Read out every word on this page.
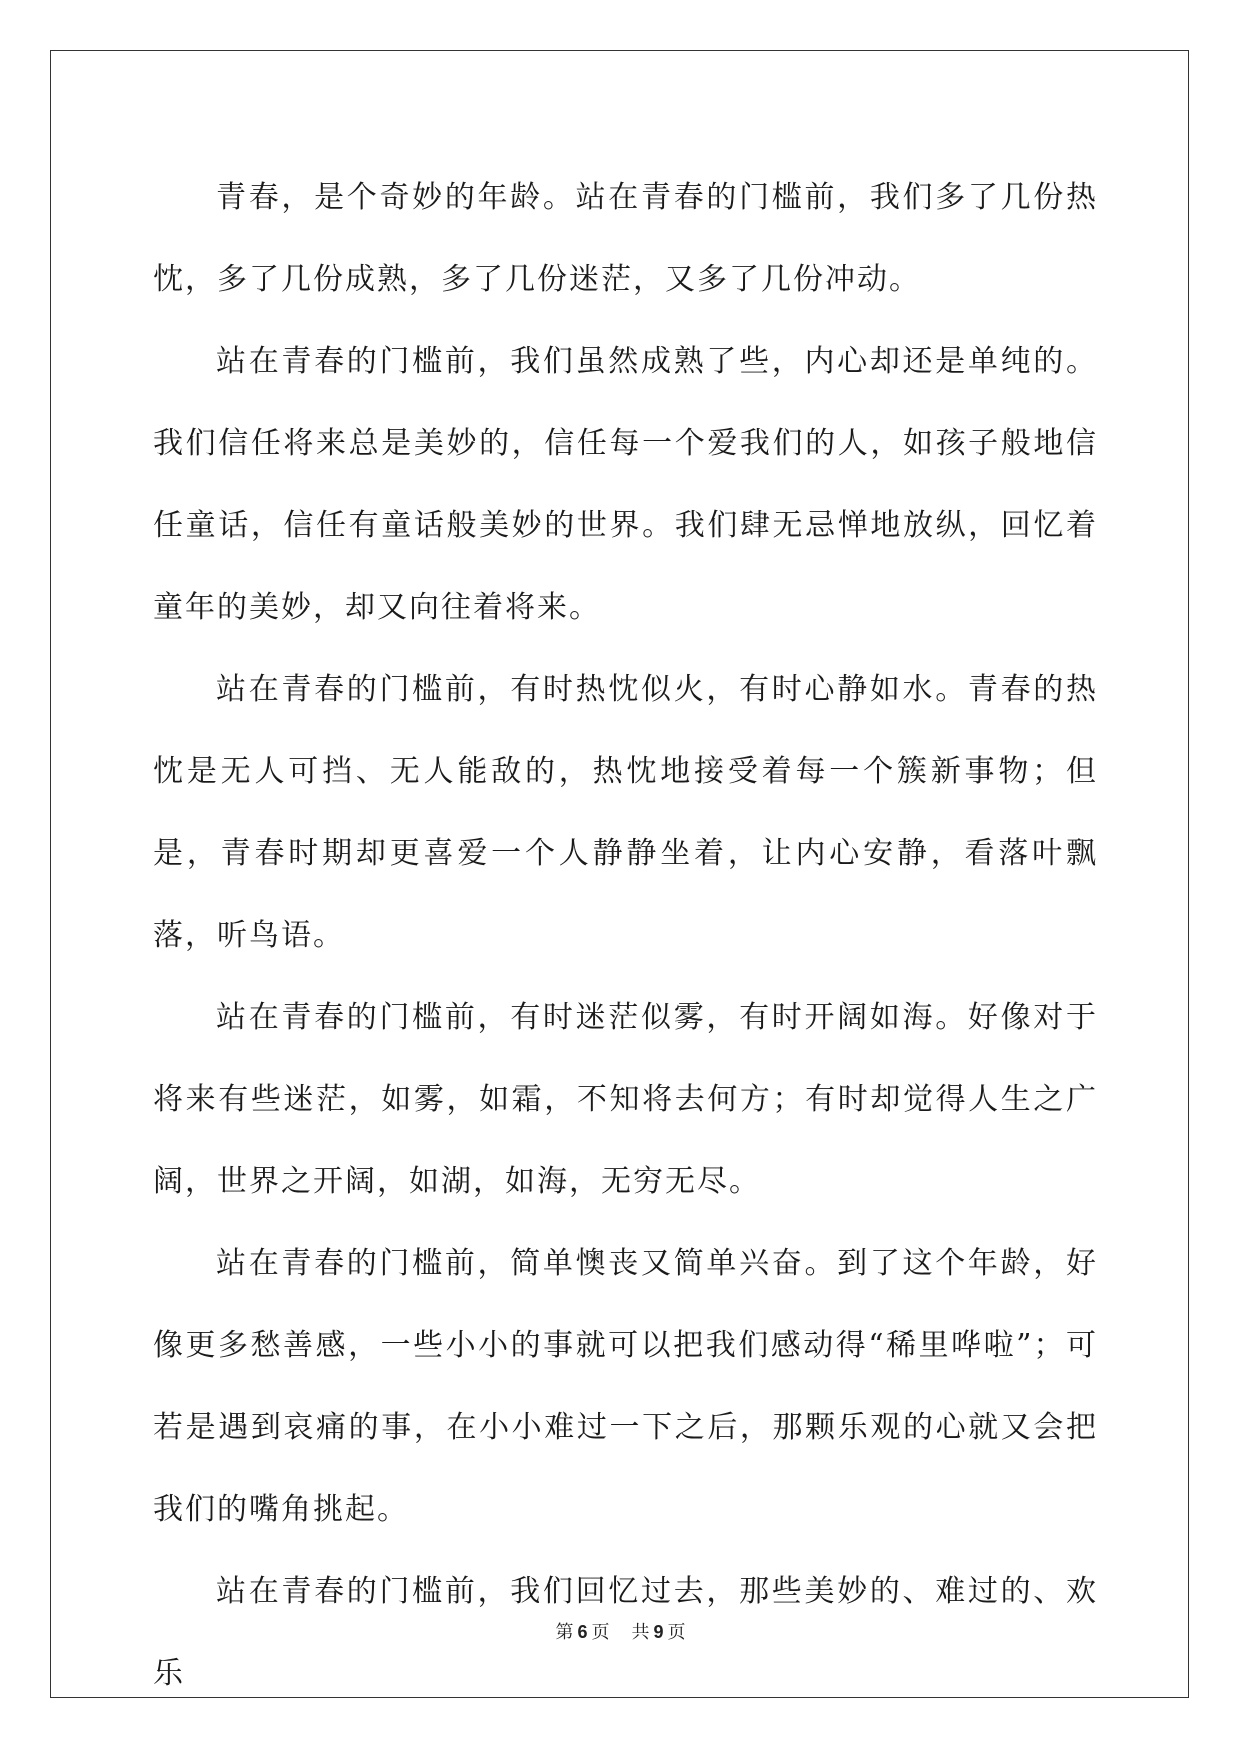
青春，是个奇妙的年龄。站在青春的门槛前，我们多了几份热忱，多了几份成熟，多了几份迷茫，又多了几份冲动。

站在青春的门槛前，我们虽然成熟了些，内心却还是单纯的。我们信任将来总是美妙的，信任每一个爱我们的人，如孩子般地信任童话，信任有童话般美妙的世界。我们肆无忌惮地放纵，回忆着童年的美妙，却又向往着将来。

站在青春的门槛前，有时热忱似火，有时心静如水。青春的热忱是无人可挡、无人能敌的，热忱地接受着每一个簇新事物；但是，青春时期却更喜爱一个人静静坐着，让内心安静，看落叶飘落，听鸟语。

站在青春的门槛前，有时迷茫似雾，有时开阔如海。好像对于将来有些迷茫，如雾，如霜，不知将去何方；有时却觉得人生之广阔，世界之开阔，如湖，如海，无穷无尽。

站在青春的门槛前，简单懊丧又简单兴奋。到了这个年龄，好像更多愁善感，一些小小的事就可以把我们感动得“稀里哗啦”；可若是遇到哀痛的事，在小小难过一下之后，那颗乐观的心就又会把我们的嘴角挑起。

站在青春的门槛前，我们回忆过去，那些美妙的、难过的、欢乐

第 6 页 共 9 页
